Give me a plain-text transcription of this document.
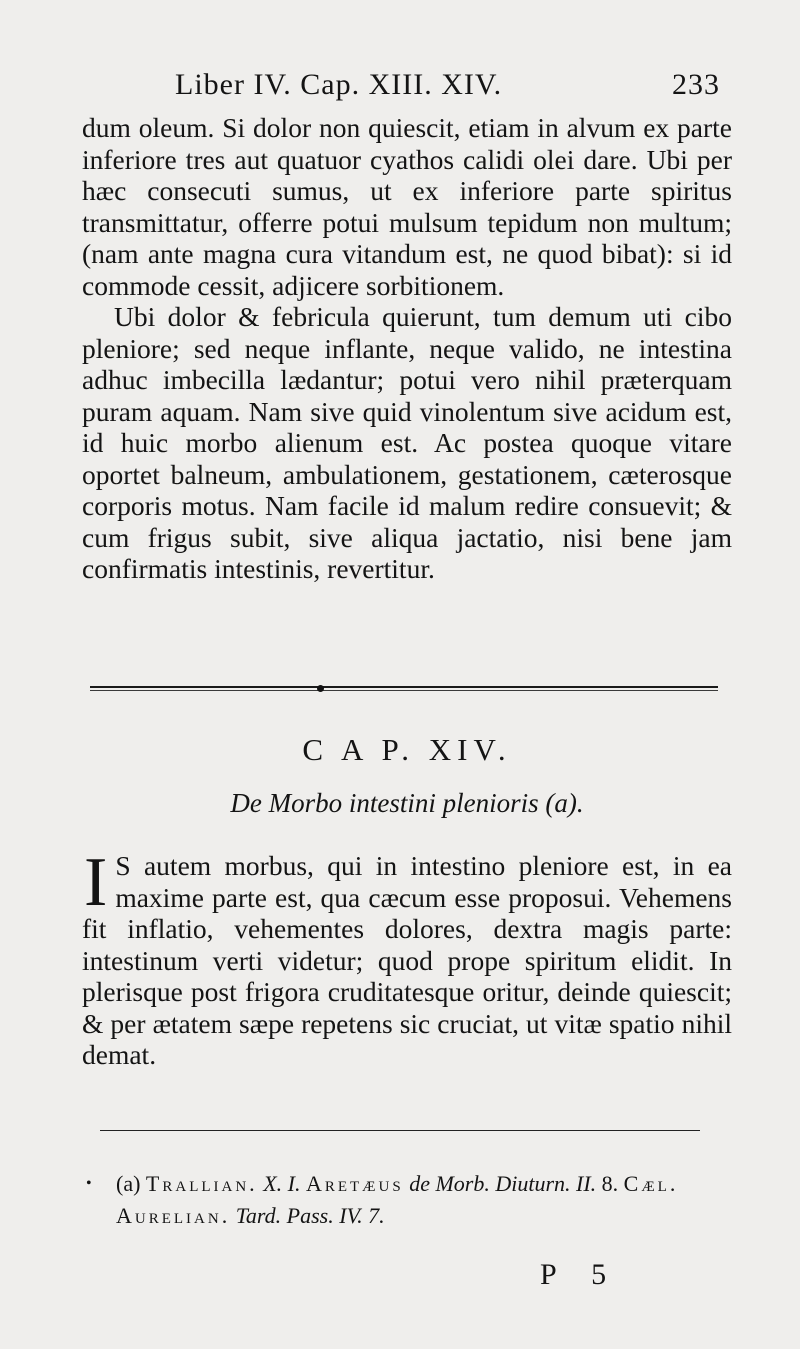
Liber IV. Cap. XIII. XIV.	233

dum oleum. Si dolor non quiescit, etiam in alvum ex parte inferiore tres aut quatuor cyathos calidi olei dare. Ubi per hæc consecuti sumus, ut ex inferiore parte spiritus transmittatur, offerre potui mulsum tepidum non multum; (nam ante magna cura vitandum est, ne quod bibat): si id commode cessit, adjicere sorbitionem.

Ubi dolor & febricula quierunt, tum demum uti cibo pleniore; sed neque inflante, neque valido, ne intestina adhuc imbecilla lædantur; potui vero nihil præterquam puram aquam. Nam sive quid vinolentum sive acidum est, id huic morbo alienum est. Ac postea quoque vitare oportet balneum, ambulationem, gestationem, cæterosque corporis motus. Nam facile id malum redire consuevit; & cum frigus subit, sive aliqua jactatio, nisi bene jam confirmatis intestinis, revertitur.

C A P. XIV.
De Morbo intestini plenioris (a).
I S autem morbus, qui in intestino pleniore est, in ea maxime parte est, qua cæcum esse proposui. Vehemens fit inflatio, vehementes dolores, dextra magis parte: intestinum verti videtur; quod prope spiritum elidit. In plerisque post frigora cruditatesque oritur, deinde quiescit; & per ætatem sæpe repetens sic cruciat, ut vitæ spatio nihil demat.

• (a) Trallian. X. I. Aretæus de Morb. Diuturn. II. 8. Cæl. Aurelian. Tard. Pass. IV. 7.
P 5
